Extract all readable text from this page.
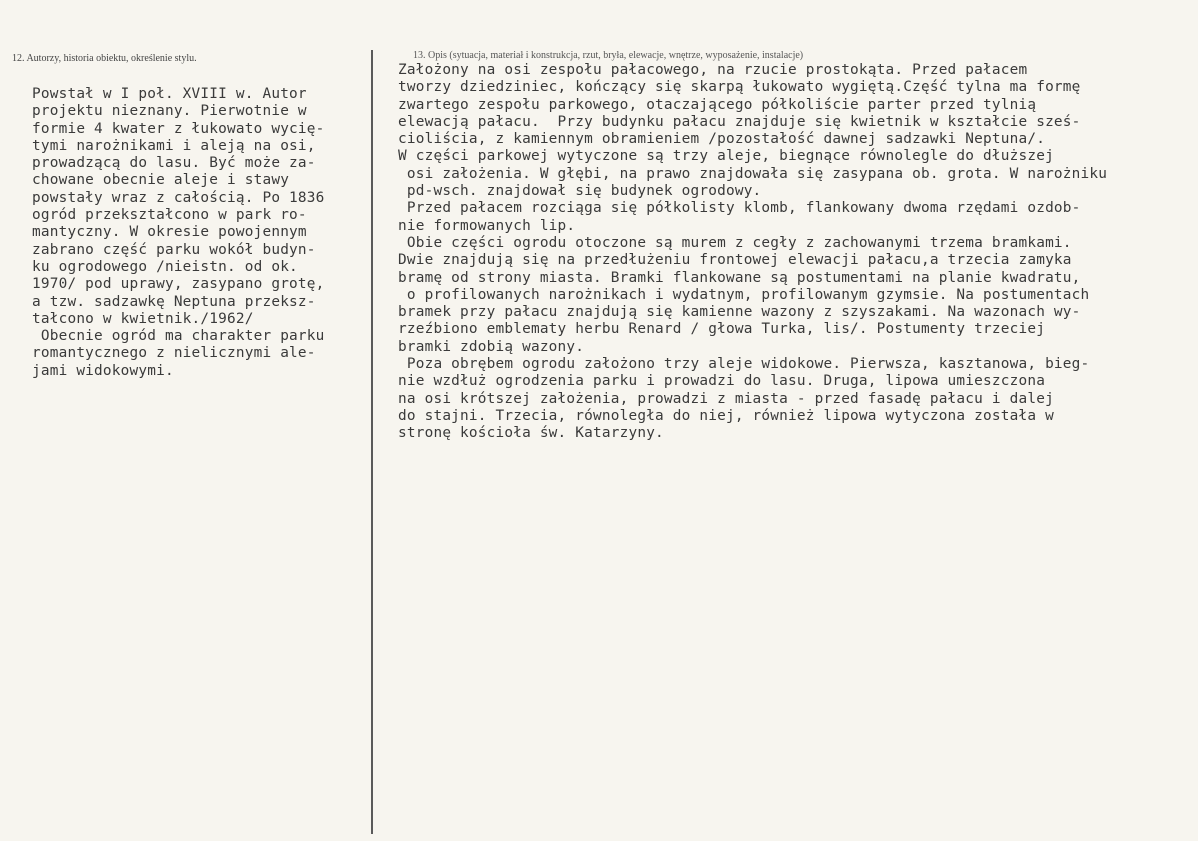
12. Autorzy, historia obiektu, określenie stylu.	13. Opis (sytuacja, materiał i konstrukcja, rzut, bryła, elewacje, wnętrze, wyposażenie, instalacje)
Powstał w I poł. XVIII w. Autor
projektu nieznany. Pierwotnie w
formie 4 kwater z łukowato wycię-
tymi narożnikami i aleją na osi,
prowadzącą do lasu. Być może za-
chowane obecnie aleje i stawy
powstały wraz z całością. Po 1836
ogród przekształcono w park ro-
mantyczny. W okresie powojennym
zabrano część parku wokół budyn-
ku ogrodowego /nieistn. od ok.
1970/ pod uprawy, zasypano grotę,
a tzw. sadzawkę Neptuna przeksz-
tałcono w kwietnik./1962/
Obecnie ogród ma charakter parku
romantycznego z nielicznymi ale-
jami widokowymi.
Założony na osi zespołu pałacowego, na rzucie prostokąta. Przed pałacem
tworzy dziedziniec, kończący się skarpą łukowato wygiętą.Część tylna ma formę
zwartego zespołu parkowego, otaczającego półkoliście parter przed tylnią
elewacją pałacu.  Przy budynku pałacu znajduje się kwietnik w kształcie sześ-
cioliścia, z kamiennym obramieniem /pozostałość dawnej sadzawki Neptuna/.
W części parkowej wytyczone są trzy aleje, biegnące równolegle do dłuższej
osi założenia. W głębi, na prawo znajdowała się zasypana ob. grota. W narożniku
pd-wsch. znajdował się budynek ogrodowy.
Przed pałacem rozciąga się półkolisty klomb, flankowany dwoma rzędami ozdob-
nie formowanych lip.
Obie części ogrodu otoczone są murem z cegły z zachowanymi trzema bramkami.
Dwie znajdują się na przedłużeniu frontowej elewacji pałacu,a trzecia zamyka
bramę od strony miasta. Bramki flankowane są postumentami na planie kwadratu,
o profilowanych narożnikach i wydatnym, profilowanym gzymsie. Na postumentach
bramek przy pałacu znajdują się kamienne wazony z szyszakami. Na wazonach wy-
rzeźbiono emblematy herbu Renard / głowa Turka, lis/. Postumenty trzeciej
bramki zdobią wazony.
Poza obrębem ogrodu założono trzy aleje widokowe. Pierwsza, kasztanowa, bieg-
nie wzdłuż ogrodzenia parku i prowadzi do lasu. Druga, lipowa umieszczona
na osi krótszej założenia, prowadzi z miasta - przed fasadę pałacu i dalej
do stajni. Trzecia, równoległa do niej, również lipowa wytyczona została w
stronę kościoła św. Katarzyny.
